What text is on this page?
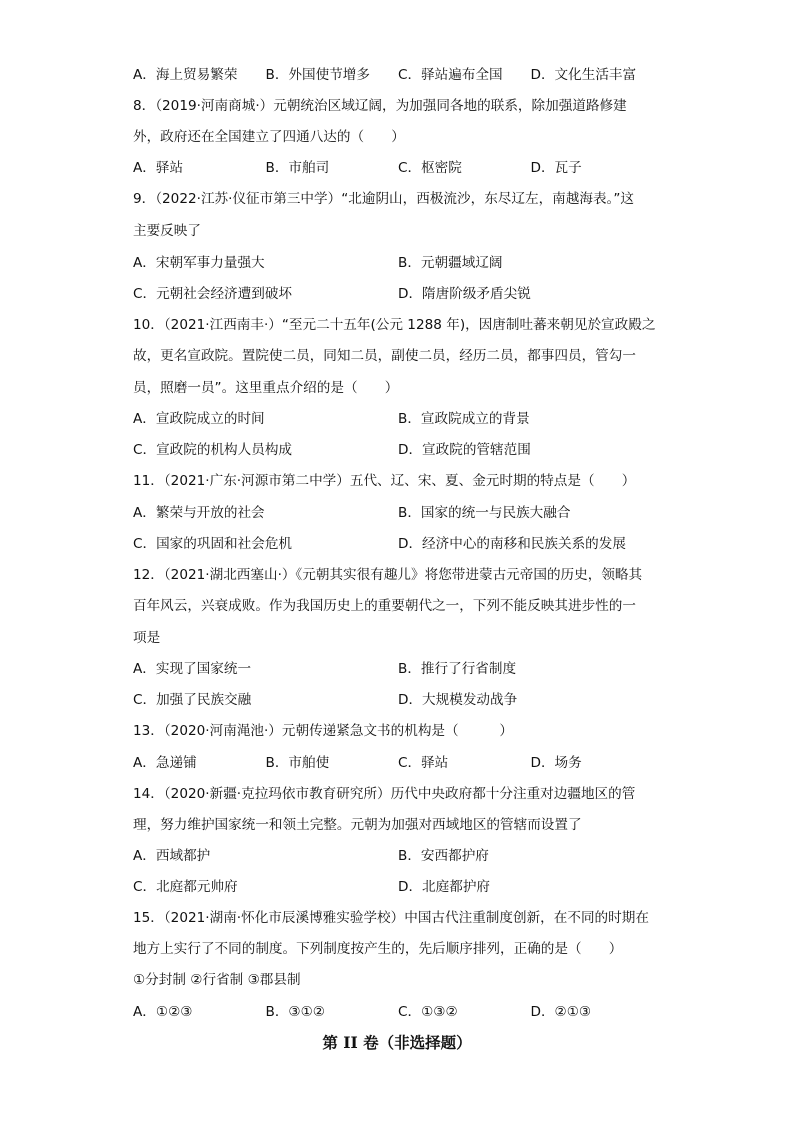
A．海上贸易繁荣	B．外国使节增多	C．驿站遍布全国	D．文化生活丰富
8．（2019·河南商城·）元朝统治区域辽阔，为加强同各地的联系，除加强道路修建
外，政府还在全国建立了四通八达的（　　）
A．驿站	B．市舶司	C．枢密院	D．瓦子
9．（2022·江苏·仪征市第三中学）“北逾阴山，西极流沙，东尽辽左，南越海表。”这
主要反映了
A．宋朝军事力量强大	B．元朝疆域辽阔
C．元朝社会经济遭到破坏	D．隋唐阶级矛盾尖锐
10．（2021·江西南丰·）“至元二十五年(公元 1288 年)，因唐制吐蕃来朝见於宣政殿之
故，更名宣政院。置院使二员，同知二员，副使二员，经历二员，都事四员，管勾一
员，照磨一员”。这里重点介绍的是（　　）
A．宣政院成立的时间	B．宣政院成立的背景
C．宣政院的机构人员构成	D．宣政院的管辖范围
11．（2021·广东·河源市第二中学）五代、辽、宋、夏、金元时期的特点是（　　）
A．繁荣与开放的社会	B．国家的统一与民族大融合
C．国家的巩固和社会危机	D．经济中心的南移和民族关系的发展
12．（2021·湖北西塞山·）《元朝其实很有趣儿》将您带进蒙古元帝国的历史，领略其
百年风云，兴衰成败。作为我国历史上的重要朝代之一，下列不能反映其进步性的一
项是
A．实现了国家统一	B．推行了行省制度
C．加强了民族交融	D．大规模发动战争
13．（2020·河南渑池·）元朝传递紧急文书的机构是（　　　）
A．急递铺	B．市舶使	C．驿站	D．场务
14．（2020·新疆·克拉玛依市教育研究所）历代中央政府都十分注重对边疆地区的管
理，努力维护国家统一和领土完整。元朝为加强对西域地区的管辖而设置了
A．西域都护	B．安西都护府
C．北庭都元帅府	D．北庭都护府
15．（2021·湖南·怀化市辰溪博雅实验学校）中国古代注重制度创新，在不同的时期在
地方上实行了不同的制度。下列制度按产生的，先后顺序排列，正确的是（　　）
①分封制 ②行省制 ③郡县制
A．①②③	B．③①②	C．①③②	D．②①③
第 II 卷（非选择题）
